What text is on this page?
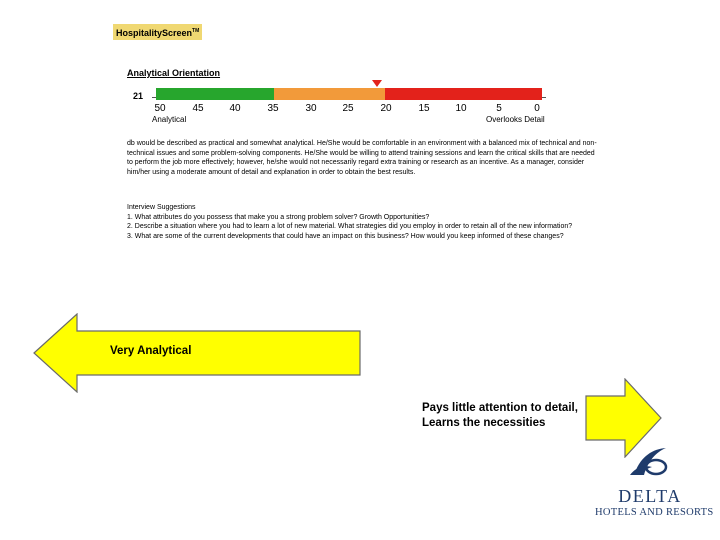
HospitalityScreen™
Analytical Orientation
21
50	45	40	35	30	25	20	15	10	5	0
Analytical	Overlooks Detail
db would be described as practical and somewhat analytical. He/She would be comfortable in an environment with a balanced mix of technical and non-technical issues and some problem-solving components. He/She would be willing to attend training sessions and learn the critical skills that are needed to perform the job more effectively; however, he/she would not necessarily regard extra training or research as an incentive. As a manager, consider him/her using a moderate amount of detail and explanation in order to obtain the best results.
Interview Suggestions
1. What attributes do you possess that make you a strong problem solver? Growth Opportunities?
2. Describe a situation where you had to learn a lot of new material. What strategies did you employ in order to retain all of the new information?
3. What are some of the current developments that could have an impact on this business? How would you keep informed of these changes?
Very Analytical
Pays little attention to detail,
Learns the necessities
DELTA
HOTELS AND RESORTS
